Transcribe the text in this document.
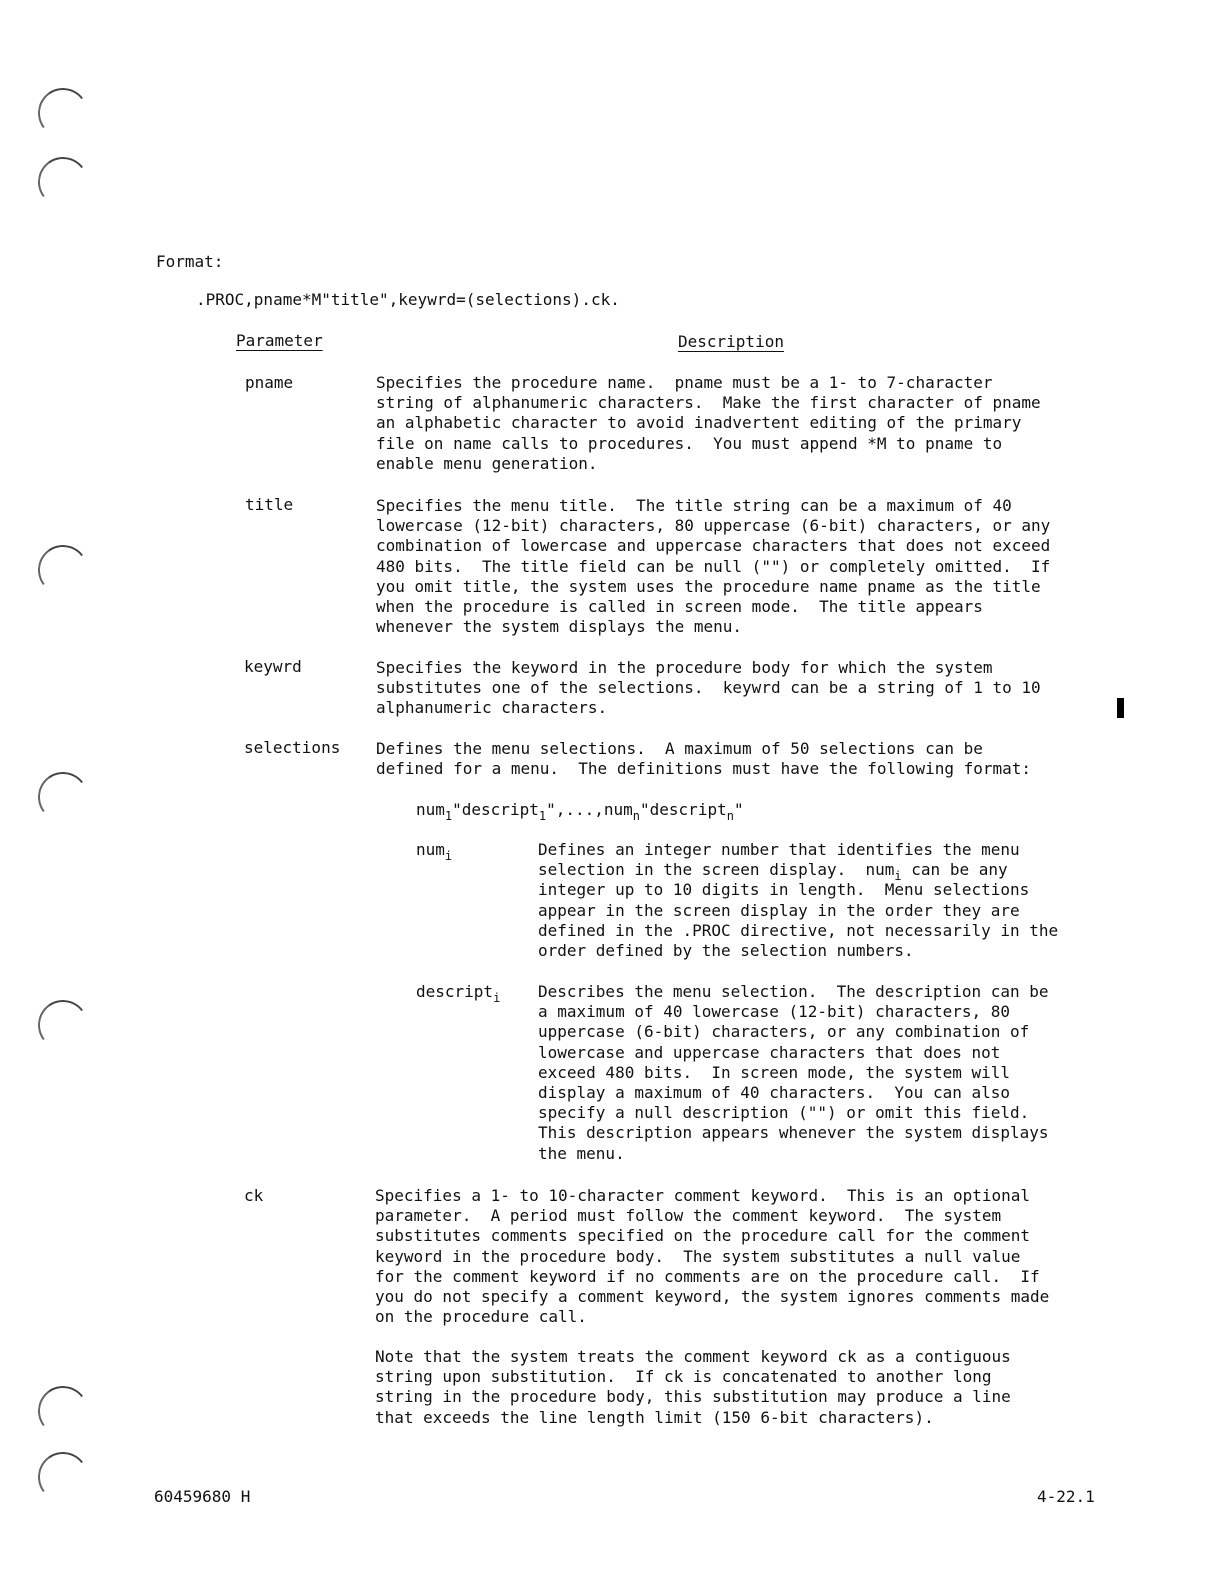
Format:
.PROC,pname*M"title",keywrd=(selections).ck.
Parameter	Description
pname	Specifies the procedure name.  pname must be a 1- to 7-character
string of alphanumeric characters.  Make the first character of pname
an alphabetic character to avoid inadvertent editing of the primary
file on name calls to procedures.  You must append *M to pname to
enable menu generation.
title	Specifies the menu title.  The title string can be a maximum of 40
lowercase (12-bit) characters, 80 uppercase (6-bit) characters, or any
combination of lowercase and uppercase characters that does not exceed
480 bits.  The title field can be null ("") or completely omitted.  If
you omit title, the system uses the procedure name pname as the title
when the procedure is called in screen mode.  The title appears
whenever the system displays the menu.
keywrd	Specifies the keyword in the procedure body for which the system
substitutes one of the selections.  keywrd can be a string of 1 to 10
alphanumeric characters.
selections Defines the menu selections.  A maximum of 50 selections can be
defined for a menu.  The definitions must have the following format:
num$_1$"descript$_1$",...,num$_n$"descript$_n$"
num$_i$	Defines an integer number that identifies the menu
selection in the screen display.  num$_i$ can be any
integer up to 10 digits in length.  Menu selections
appear in the screen display in the order they are
defined in the .PROC directive, not necessarily in the
order defined by the selection numbers.
descript$_i$ Describes the menu selection.  The description can be
a maximum of 40 lowercase (12-bit) characters, 80
uppercase (6-bit) characters, or any combination of
lowercase and uppercase characters that does not
exceed 480 bits.  In screen mode, the system will
display a maximum of 40 characters.  You can also
specify a null description ("") or omit this field.
This description appears whenever the system displays
the menu.
ck	Specifies a 1- to 10-character comment keyword.  This is an optional
parameter.  A period must follow the comment keyword.  The system
substitutes comments specified on the procedure call for the comment
keyword in the procedure body.  The system substitutes a null value
for the comment keyword if no comments are on the procedure call.  If
you do not specify a comment keyword, the system ignores comments made
on the procedure call.
Note that the system treats the comment keyword ck as a contiguous
string upon substitution.  If ck is concatenated to another long
string in the procedure body, this substitution may produce a line
that exceeds the line length limit (150 6-bit characters).
60459680 H	4-22.1
